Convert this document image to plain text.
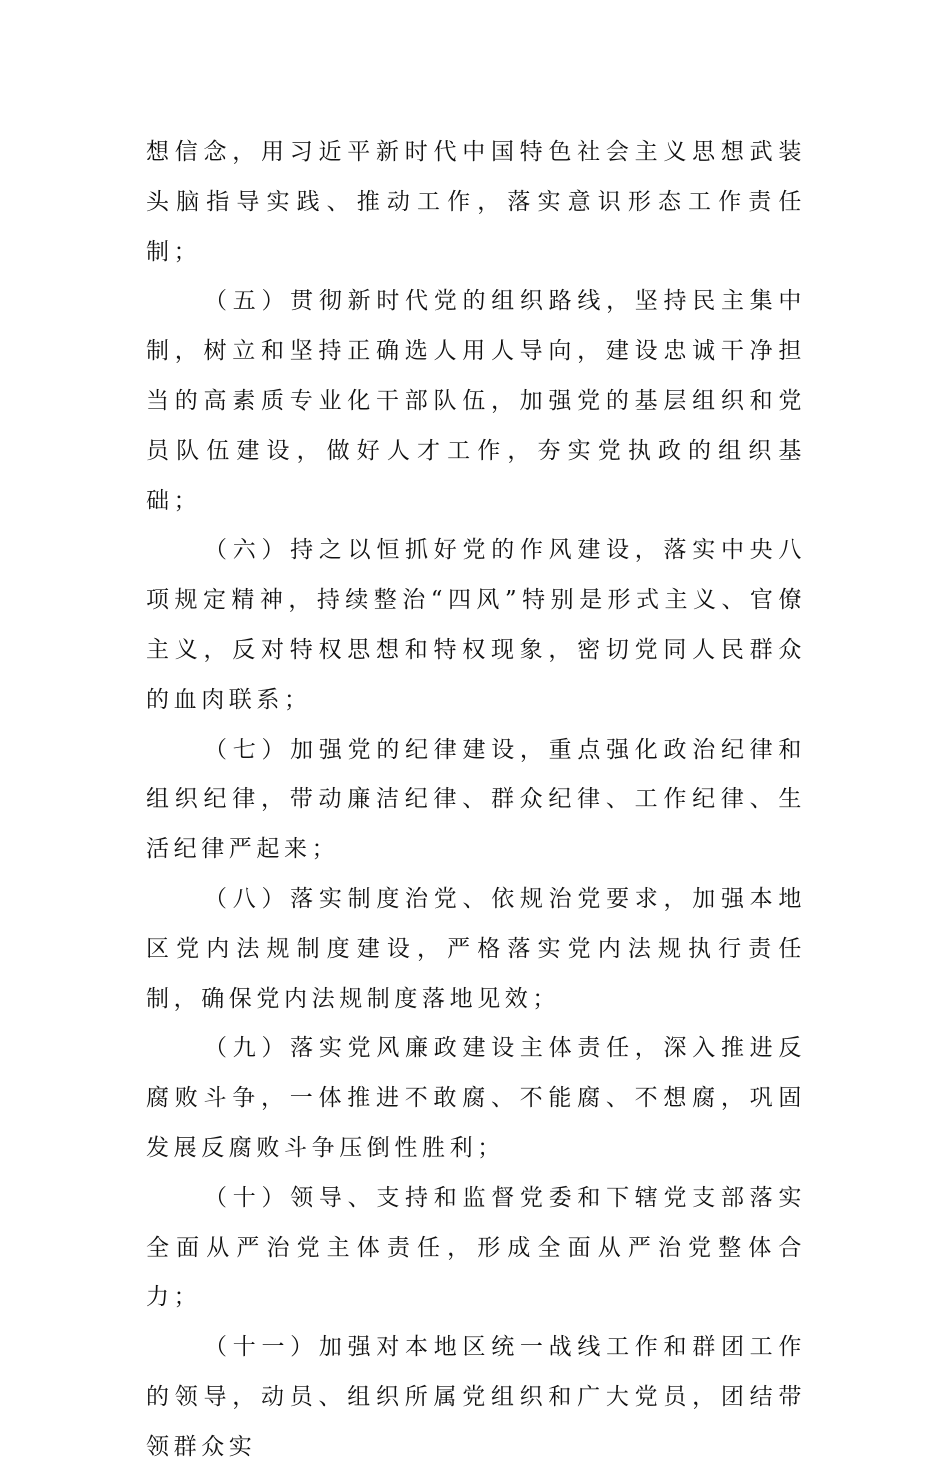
想信念，用习近平新时代中国特色社会主义思想武装头脑指导实践、推动工作，落实意识形态工作责任制；

（五）贯彻新时代党的组织路线，坚持民主集中制，树立和坚持正确选人用人导向，建设忠诚干净担当的高素质专业化干部队伍，加强党的基层组织和党员队伍建设，做好人才工作，夯实党执政的组织基础；

（六）持之以恒抓好党的作风建设，落实中央八项规定精神，持续整治“四风”特别是形式主义、官僚主义，反对特权思想和特权现象，密切党同人民群众的血肉联系；

（七）加强党的纪律建设，重点强化政治纪律和组织纪律，带动廉洁纪律、群众纪律、工作纪律、生活纪律严起来；

（八）落实制度治党、依规治党要求，加强本地区党内法规制度建设，严格落实党内法规执行责任制，确保党内法规制度落地见效；

（九）落实党风廉政建设主体责任，深入推进反腐败斗争，一体推进不敢腐、不能腐、不想腐，巩固发展反腐败斗争压倒性胜利；

（十）领导、支持和监督党委和下辖党支部落实全面从严治党主体责任，形成全面从严治党整体合力；

（十一）加强对本地区统一战线工作和群团工作的领导，动员、组织所属党组织和广大党员，团结带领群众实
